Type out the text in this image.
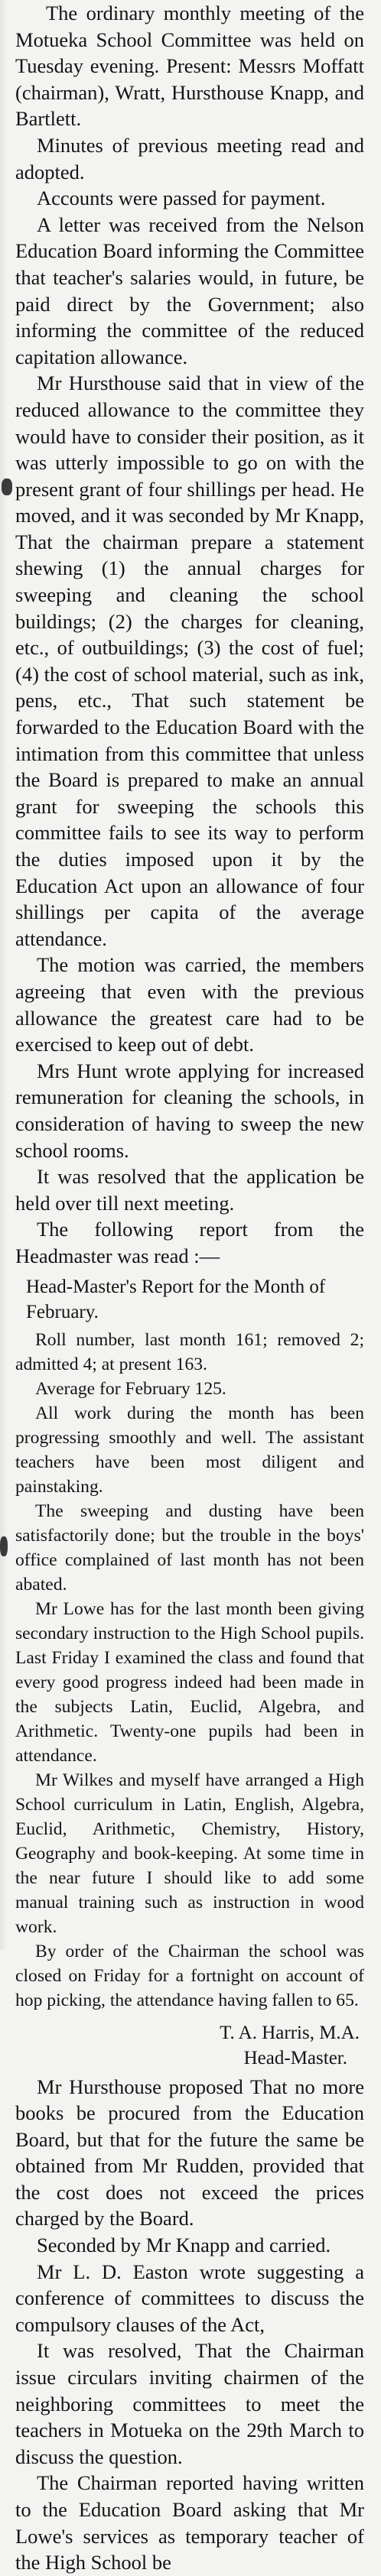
The ordinary monthly meeting of the Motueka School Committee was held on Tuesday evening. Present: Messrs Moffatt (chairman), Wratt, Hursthouse Knapp, and Bartlett.

Minutes of previous meeting read and adopted.

Accounts were passed for payment.

A letter was received from the Nelson Education Board informing the Committee that teacher's salaries would, in future, be paid direct by the Government; also informing the committee of the reduced capitation allowance.

Mr Hursthouse said that in view of the reduced allowance to the committee they would have to consider their position, as it was utterly impossible to go on with the present grant of four shillings per head. He moved, and it was seconded by Mr Knapp, That the chairman prepare a statement shewing (1) the annual charges for sweeping and cleaning the school buildings; (2) the charges for cleaning, etc., of outbuildings; (3) the cost of fuel; (4) the cost of school material, such as ink, pens, etc., That such statement be forwarded to the Education Board with the intimation from this committee that unless the Board is prepared to make an annual grant for sweeping the schools this committee fails to see its way to perform the duties imposed upon it by the Education Act upon an allowance of four shillings per capita of the average attendance.

The motion was carried, the members agreeing that even with the previous allowance the greatest care had to be exercised to keep out of debt.

Mrs Hunt wrote applying for increased remuneration for cleaning the schools, in consideration of having to sweep the new school rooms.

It was resolved that the application be held over till next meeting.

The following report from the Headmaster was read :—

Head-Master's Report for the Month of February.

Roll number, last month 161; removed 2; admitted 4; at present 163.

Average for February 125.

All work during the month has been progressing smoothly and well. The assistant teachers have been most diligent and painstaking.

The sweeping and dusting have been satisfactorily done; but the trouble in the boys' office complained of last month has not been abated.

Mr Lowe has for the last month been giving secondary instruction to the High School pupils. Last Friday I examined the class and found that every good progress indeed had been made in the subjects Latin, Euclid, Algebra, and Arithmetic. Twenty-one pupils had been in attendance.

Mr Wilkes and myself have arranged a High School curriculum in Latin, English, Algebra, Euclid, Arithmetic, Chemistry, History, Geography and book-keeping. At some time in the near future I should like to add some manual training such as instruction in wood work.

By order of the Chairman the school was closed on Friday for a fortnight on account of hop picking, the attendance having fallen to 65.

T. A. Harris, M.A.

Head-Master.

Mr Hursthouse proposed That no more books be procured from the Education Board, but that for the future the same be obtained from Mr Rudden, provided that the cost does not exceed the prices charged by the Board.

Seconded by Mr Knapp and carried.

Mr L. D. Easton wrote suggesting a conference of committees to discuss the compulsory clauses of the Act,

It was resolved, That the Chairman issue circulars inviting chairmen of the neighboring committees to meet the teachers in Motueka on the 29th March to discuss the question.

The Chairman reported having written to the Education Board asking that Mr Lowe's services as temporary teacher of the High School be
